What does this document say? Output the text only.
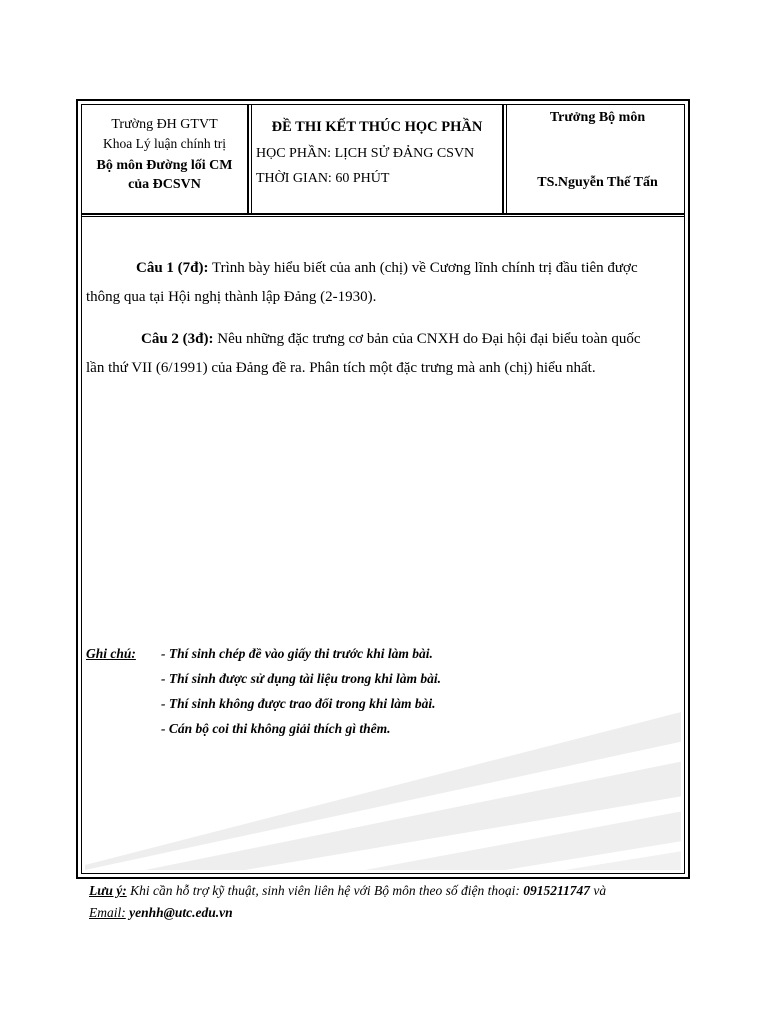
Trường ĐH GTVT
Khoa Lý luận chính trị
Bộ môn Đường lối CM
của ĐCSVN
ĐỀ THI KẾT THÚC HỌC PHẦN
HỌC PHẦN: LỊCH SỬ ĐẢNG CSVN
THỜI GIAN: 60 PHÚT
Trưởng Bộ môn
TS.Nguyễn Thế Tấn
Câu 1 (7đ): Trình bày hiểu biết của anh (chị) về Cương lĩnh chính trị đầu tiên được
thông qua tại Hội nghị thành lập Đảng (2-1930).
Câu 2 (3đ): Nêu những đặc trưng cơ bản của CNXH do Đại hội đại biểu toàn quốc
lần thứ VII (6/1991) của Đảng đề ra. Phân tích một đặc trưng mà anh (chị) hiểu nhất.
Ghi chú: - Thí sinh chép đề vào giấy thi trước khi làm bài.
- Thí sinh được sử dụng tài liệu trong khi làm bài.
- Thí sinh không được trao đổi trong khi làm bài.
- Cán bộ coi thi không giải thích gì thêm.
Lưu ý: Khi cần hỗ trợ kỹ thuật, sinh viên liên hệ với Bộ môn theo số điện thoại: 0915211747 và
Email: yenhh@utc.edu.vn
